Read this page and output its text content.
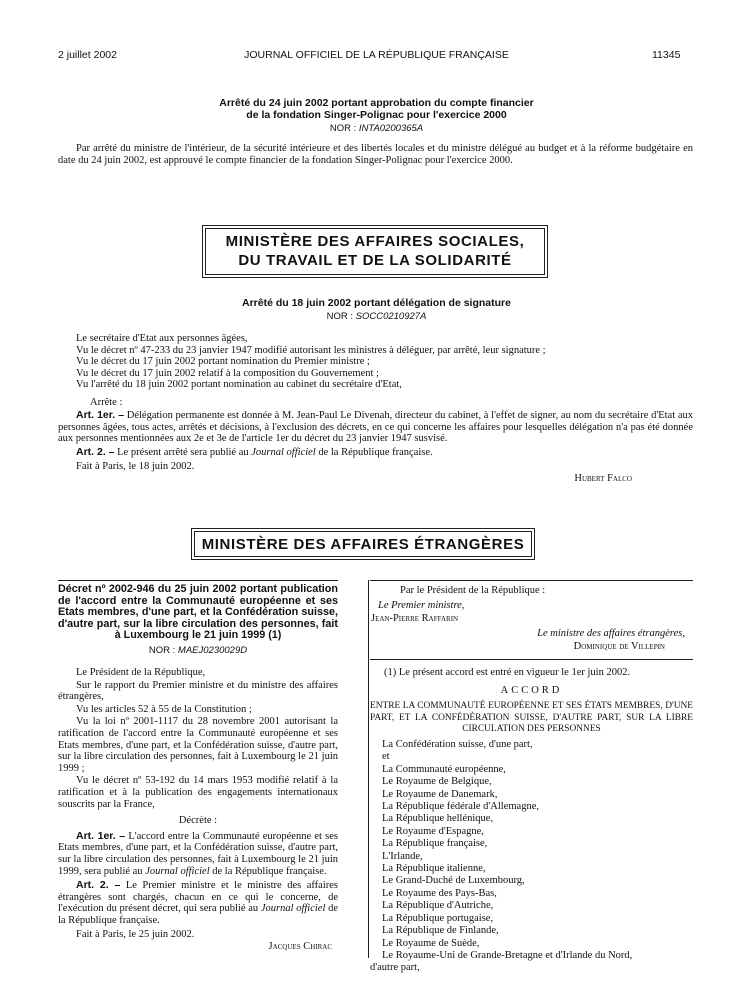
2 juillet 2002	JOURNAL OFFICIEL DE LA RÉPUBLIQUE FRANÇAISE	11345
Arrêté du 24 juin 2002 portant approbation du compte financier
de la fondation Singer-Polignac pour l'exercice 2000
NOR : INTA0200365A

Par arrêté du ministre de l'intérieur, de la sécurité intérieure et des libertés locales et du ministre délégué au budget et à la réforme budgétaire en date du 24 juin 2002, est approuvé le compte financier de la fondation Singer-Polignac pour l'exercice 2000.

MINISTÈRE DES AFFAIRES SOCIALES,
DU TRAVAIL ET DE LA SOLIDARITÉ
Arrêté du 18 juin 2002 portant délégation de signature
NOR : SOCC0210927A
Le secrétaire d'Etat aux personnes âgées,
Vu le décret nº 47-233 du 23 janvier 1947 modifié autorisant les ministres à déléguer, par arrêté, leur signature ;
Vu le décret du 17 juin 2002 portant nomination du Premier ministre ;
Vu le décret du 17 juin 2002 relatif à la composition du Gouvernement ;
Vu l'arrêté du 18 juin 2002 portant nomination au cabinet du secrétaire d'Etat,
Arrête :

Art. 1er. – Délégation permanente est donnée à M. Jean-Paul Le Divenah, directeur du cabinet, à l'effet de signer, au nom du secrétaire d'Etat aux personnes âgées, tous actes, arrêtés et décisions, à l'exclusion des décrets, en ce qui concerne les affaires pour lesquelles délégation n'a pas été donnée aux personnes mentionnées aux 2e et 3e de l'article 1er du décret du 23 janvier 1947 susvisé.

Art. 2. – Le présent arrêté sera publié au Journal officiel de la République française.

Fait à Paris, le 18 juin 2002.
Hubert Falco
MINISTÈRE DES AFFAIRES ÉTRANGÈRES
Décret nº 2002-946 du 25 juin 2002 portant publication de l'accord entre la Communauté européenne et ses Etats membres, d'une part, et la Confédération suisse, d'autre part, sur la libre circulation des personnes, fait à Luxembourg le 21 juin 1999 (1)
NOR : MAEJ0230029D

Le Président de la République,

Sur le rapport du Premier ministre et du ministre des affaires étrangères,

Vu les articles 52 à 55 de la Constitution ;

Vu la loi nº 2001-1117 du 28 novembre 2001 autorisant la ratification de l'accord entre la Communauté européenne et ses Etats membres, d'une part, et la Confédération suisse, d'autre part, sur la libre circulation des personnes, fait à Luxembourg le 21 juin 1999 ;

Vu le décret nº 53-192 du 14 mars 1953 modifié relatif à la ratification et à la publication des engagements internationaux souscrits par la France,

Décrète :

Art. 1er. – L'accord entre la Communauté européenne et ses Etats membres, d'une part, et la Confédération suisse, d'autre part, sur la libre circulation des personnes, fait à Luxembourg le 21 juin 1999, sera publié au Journal officiel de la République française.

Art. 2. – Le Premier ministre et le ministre des affaires étrangères sont chargés, chacun en ce qui le concerne, de l'exécution du présent décret, qui sera publié au Journal officiel de la République française.

Fait à Paris, le 25 juin 2002.

Jacques Chirac

Par le Président de la République :
Le Premier ministre,
Jean-Pierre Raffarin
Le ministre des affaires étrangères,
Dominique de Villepin
(1) Le présent accord est entré en vigueur le 1er juin 2002.
ACCORD
ENTRE LA COMMUNAUTÉ EUROPÉENNE ET SES ÉTATS MEMBRES, D'UNE PART, ET LA CONFÉDÉRATION SUISSE, D'AUTRE PART, SUR LA LIBRE CIRCULATION DES PERSONNES
La Confédération suisse, d'une part,
et
La Communauté européenne,
Le Royaume de Belgique,
Le Royaume de Danemark,
La République fédérale d'Allemagne,
La République hellénique,
Le Royaume d'Espagne,
La République française,
L'Irlande,
La République italienne,
Le Grand-Duché de Luxembourg,
Le Royaume des Pays-Bas,
La République d'Autriche,
La République portugaise,
La République de Finlande,
Le Royaume de Suède,
Le Royaume-Uni de Grande-Bretagne et d'Irlande du Nord,
d'autre part,
